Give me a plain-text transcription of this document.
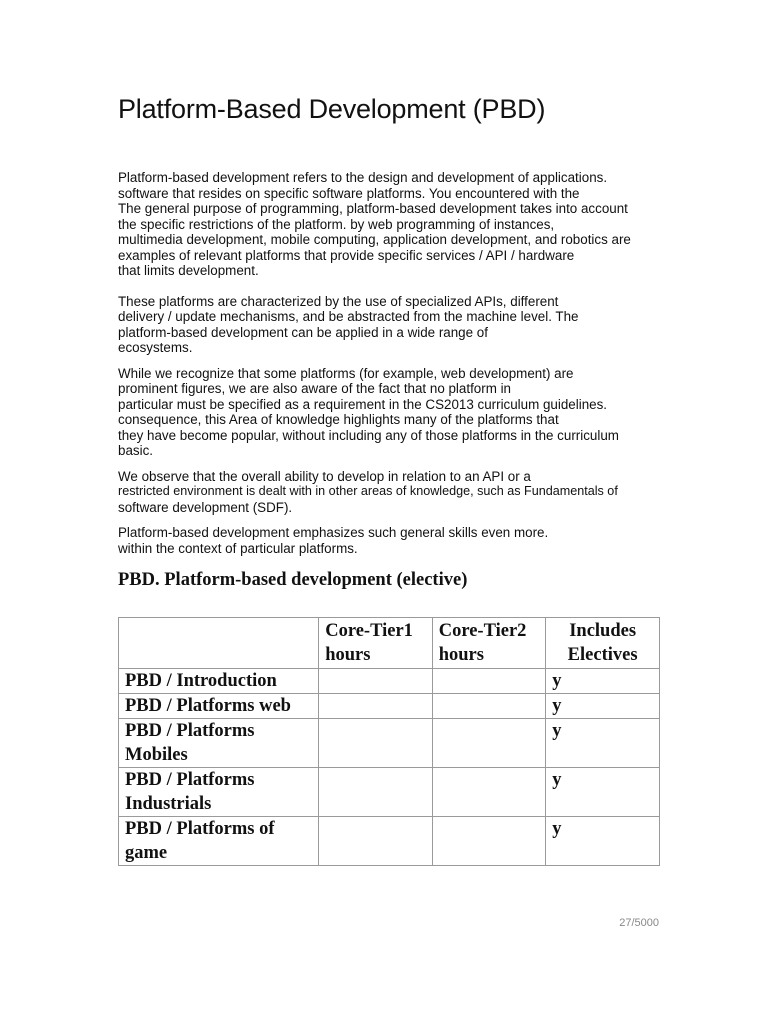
Platform-Based Development (PBD)

Platform-based development refers to the design and development of applications.
software that resides on specific software platforms. You encountered with the
The general purpose of programming, platform-based development takes into account
the specific restrictions of the platform. by web programming of instances,
multimedia development, mobile computing, application development, and robotics are
examples of relevant platforms that provide specific services / API / hardware
that limits development.

These platforms are characterized by the use of specialized APIs, different
delivery / update mechanisms, and be abstracted from the machine level. The
platform-based development can be applied in a wide range of
ecosystems.

While we recognize that some platforms (for example, web development) are
prominent figures, we are also aware of the fact that no platform in
particular must be specified as a requirement in the CS2013 curriculum guidelines.
consequence, this Area of knowledge highlights many of the platforms that
they have become popular, without including any of those platforms in the curriculum
basic.

We observe that the overall ability to develop in relation to an API or a
restricted environment is dealt with in other areas of knowledge, such as Fundamentals of
software development (SDF).

Platform-based development emphasizes such general skills even more.
within the context of particular platforms.

PBD. Platform-based development (elective)
	Core-Tier1 hours	Core-Tier2 hours	Includes Electives
PBD / Introduction			y
PBD / Platforms web			y
PBD / Platforms Mobiles			y
PBD / Platforms Industrials			y
PBD / Platforms of game			y
27/5000
